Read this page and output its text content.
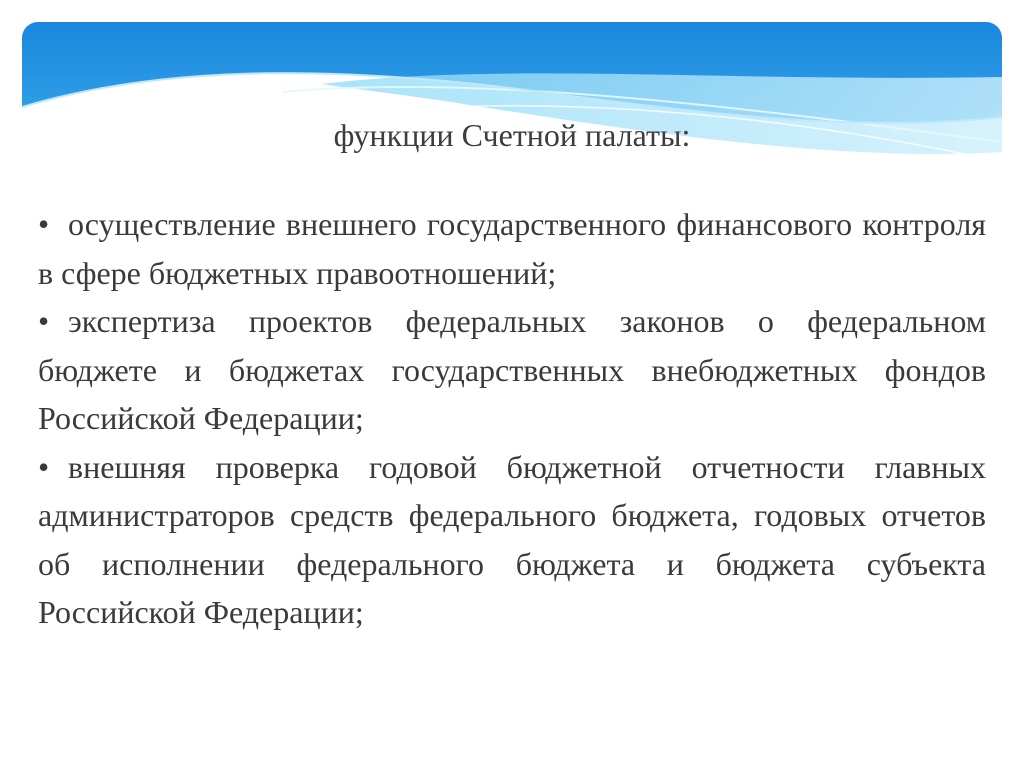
функции Счетной палаты:
• осуществление внешнего государственного финансового контроля в сфере бюджетных правоотношений;
• экспертиза проектов федеральных законов о федеральном бюджете и бюджетах государственных внебюджетных фондов Российской Федерации;
• внешняя проверка годовой бюджетной отчетности главных администраторов средств федерального бюджета, годовых отчетов об исполнении федерального бюджета и бюджета субъекта Российской Федерации;
